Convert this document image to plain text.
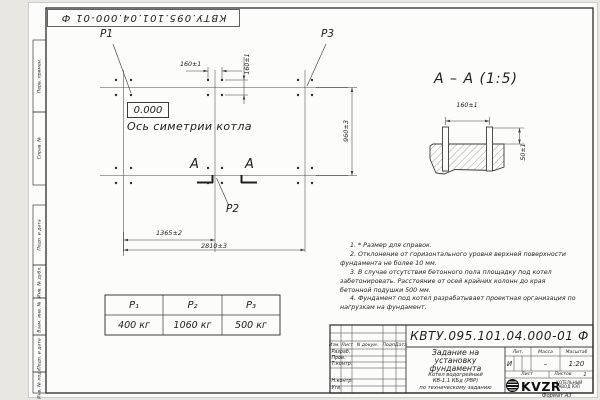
КВТУ.095.101.04.000-01 Ф
Перв. примен.
Справ. №
Подп. и дата
Инв. № дубл.
Взам. инв. №
Подп. и дата
Инв. № подл.
P1	P3
P2
0.000
Ось симетрии котла
160±1	160±1
1365±2
2810±3
960±3
А	А
А – А (1:5)
160±1
50±1
1. * Размер для справок.
2. Отклонение от горизонтального уровня верхней поверхности фундамента не более 10 мм.
3. В случае отсутствия бетонного пола площадку под котел забетонировать. Расстояние от осей крайних колонн до края бетонной подушки 500 мм.
4. Фундамент под котел разрабатывает проектная организация по нагрузкам на фундамент.
Р₁	Р₂	Р₃
400 кг	1060 кг	500 кг
КВТУ.095.101.04.000-01 Ф
Изм. Лист N докум. Подп.
Дата
Разраб.
Пров.
Т.контр.
Н.контр.
Утв.
Задание на
установку
фундамента
Котел водогрейный
КВ-1,1 КБд (РВР)
по техническому заданию
Лит.	Масса	Масштаб
И	–	1:20
Лист	Листов	1
KVZR
КОТЕЛЬНЫЙ
ЗАВОД РЭП
Формат А3
